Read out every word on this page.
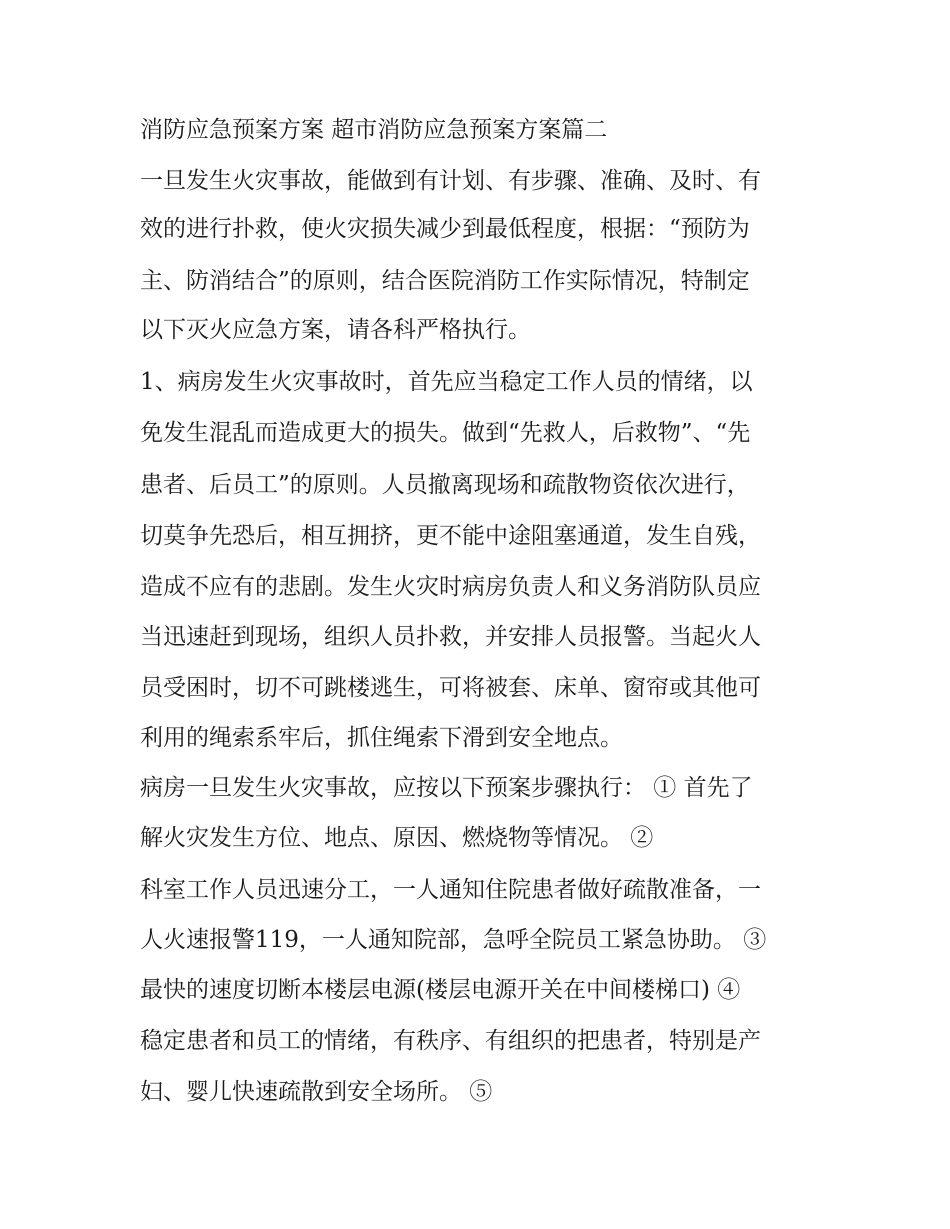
消防应急预案方案 超市消防应急预案方案篇二

一旦发生火灾事故，能做到有计划、有步骤、准确、及时、有

效的进行扑救，使火灾损失减少到最低程度，根据：“预防为

主、防消结合”的原则，结合医院消防工作实际情况，特制定

以下灭火应急方案，请各科严格执行。

1、病房发生火灾事故时，首先应当稳定工作人员的情绪，以

免发生混乱而造成更大的损失。做到“先救人，后救物”、“先

患者、后员工”的原则。人员撤离现场和疏散物资依次进行，

切莫争先恐后，相互拥挤，更不能中途阻塞通道，发生自残，

造成不应有的悲剧。发生火灾时病房负责人和义务消防队员应

当迅速赶到现场，组织人员扑救，并安排人员报警。当起火人

员受困时，切不可跳楼逃生，可将被套、床单、窗帘或其他可

利用的绳索系牢后，抓住绳索下滑到安全地点。

病房一旦发生火灾事故，应按以下预案步骤执行： ① 首先了

解火灾发生方位、地点、原因、燃烧物等情况。 ②

科室工作人员迅速分工，一人通知住院患者做好疏散准备，一

人火速报警119，一人通知院部，急呼全院员工紧急协助。 ③

最快的速度切断本楼层电源(楼层电源开关在中间楼梯口) ④

稳定患者和员工的情绪，有秩序、有组织的把患者，特别是产

妇、婴儿快速疏散到安全场所。 ⑤
